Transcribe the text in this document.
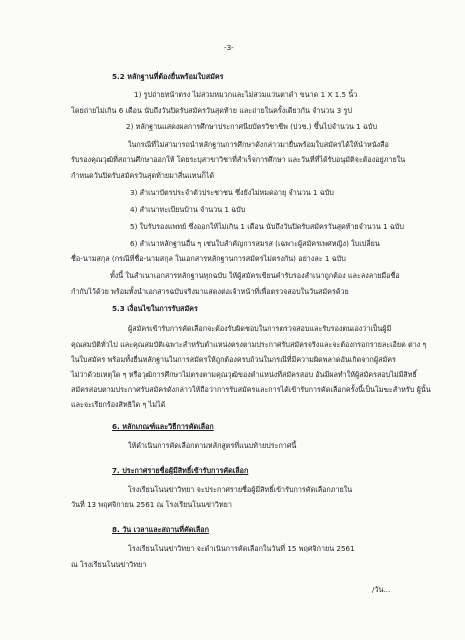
-3-
5.2 หลักฐานที่ต้องยื่นพร้อมใบสมัคร
1) รูปถ่ายหน้าตรง ไม่สวมหมวกและไม่สวมแว่นตาดำ ขนาด 1 X 1.5 นิ้ว
โดยถ่ายไม่เกิน 6 เดือน นับถึงวันปิดรับสมัครวันสุดท้าย และถ่ายในครั้งเดียวกัน จำนวน 3 รูป
2) หลักฐานแสดงผลการศึกษาประกาศนียบัตรวิชาชีพ (ปวช.) ขึ้นไปจำนวน 1 ฉบับ
ในกรณีที่ไม่สามารถนำหลักฐานการศึกษาดังกล่าวมายื่นพร้อมใบสมัครได้ให้นำหนังสือ
รับรองคุณวุฒิที่สถานศึกษาออกให้ โดยระบุสาขาวิชาที่สำเร็จการศึกษา และวันที่ที่ได้รับอนุมัติจะต้องอยู่ภายใน
กำหนดวันปิดรับสมัครวันสุดท้ายมาสี่นแทนก็ได้
3) สำเนาบัตรประจำตัวประชาชน ซึ่งยังไม่หมดอายุ จำนวน 1 ฉบับ
4) สำเนาทะเบียนบ้าน จำนวน 1 ฉบับ
5) ใบรับรองแพทย์ ซึ่งออกให้ไม่เกิน 1 เดือน นับถึงวันปิดรับสมัครวันสุดท้ายจำนวน 1 ฉบับ
6) สำเนาหลักฐานอื่น ๆ เช่นใบสำคัญการสมรส (เฉพาะผู้สมัครเพศหญิง) ใบเปลี่ยน
ชื่อ-นามสกุล (กรณีที่ชื่อ-นามสกุล ในเอกสารหลักฐานการสมัครไม่ตรงกัน) อย่างละ 1 ฉบับ
ทั้งนี้ ในสำเนาเอกสารหลักฐานทุกฉบับ ให้ผู้สมัครเขียนคำรับรองสำเนาถูกต้อง และลงลายมือชื่อ
กำกับไว้ด้วย พร้อมทั้งนำเอกสารฉบับจริงมาแสดงต่อเจ้าหน้าที่เพื่อตรวจสอบในวันสมัครด้วย
5.3 เงื่อนไขในการรับสมัคร
ผู้สมัครเข้ารับการคัดเลือกจะต้องรับผิดชอบในการตรวจสอบและรับรองตนเองว่าเป็นผู้มี
คุณสมบัติทั่วไป และคุณสมบัติเฉพาะสำหรับตำแหน่งตรงตามประกาศรับสมัครจริงและจะต้องกรอกรายละเอียด ต่าง ๆ
ในใบสมัคร พร้อมทั้งยื่นหลักฐานในการสมัครให้ถูกต้องครบถ้วนในกรณีที่มีความผิดพลาดอันเกิดจากผู้สมัคร
ไม่ว่าด้วยเหตุใด ๆ หรือวุฒิการศึกษาไม่ตรงตามคุณวุฒิของตำแหน่งที่สมัครสอบ อันมีผลทำให้ผู้สมัครสอบไม่มีสิทธิ์
สมัครสอบตามประกาศรับสมัครดังกล่าวให้ถือว่าการรับสมัครและการได้เข้ารับการคัดเลือกครั้งนี้เป็นโมฆะสำหรับ ผู้นั้น
และจะเรียกร้องสิทธิใด ๆ ไม่ได้
6. หลักเกณฑ์และวิธีการคัดเลือก
ให้ดำเนินการคัดเลือกตามหลักสูตรที่แนบท้ายประกาศนี้
7. ประกาศรายชื่อผู้มีสิทธิ์เข้ารับการคัดเลือก
โรงเรียนโนนข่าวิทยา จะประกาศรายชื่อผู้มีสิทธิ์เข้ารับการคัดเลือกภายใน
วันที่ 13 พฤศจิกายน 2561 ณ โรงเรียนโนนข่าวิทยา
8. วัน เวลาและสถานที่คัดเลือก
โรงเรียนโนนข่าวิทยา จะดำเนินการคัดเลือกในวันที่ 15 พฤศจิกายน 2561
ณ โรงเรียนโนนข่าวิทยา
/วัน...
